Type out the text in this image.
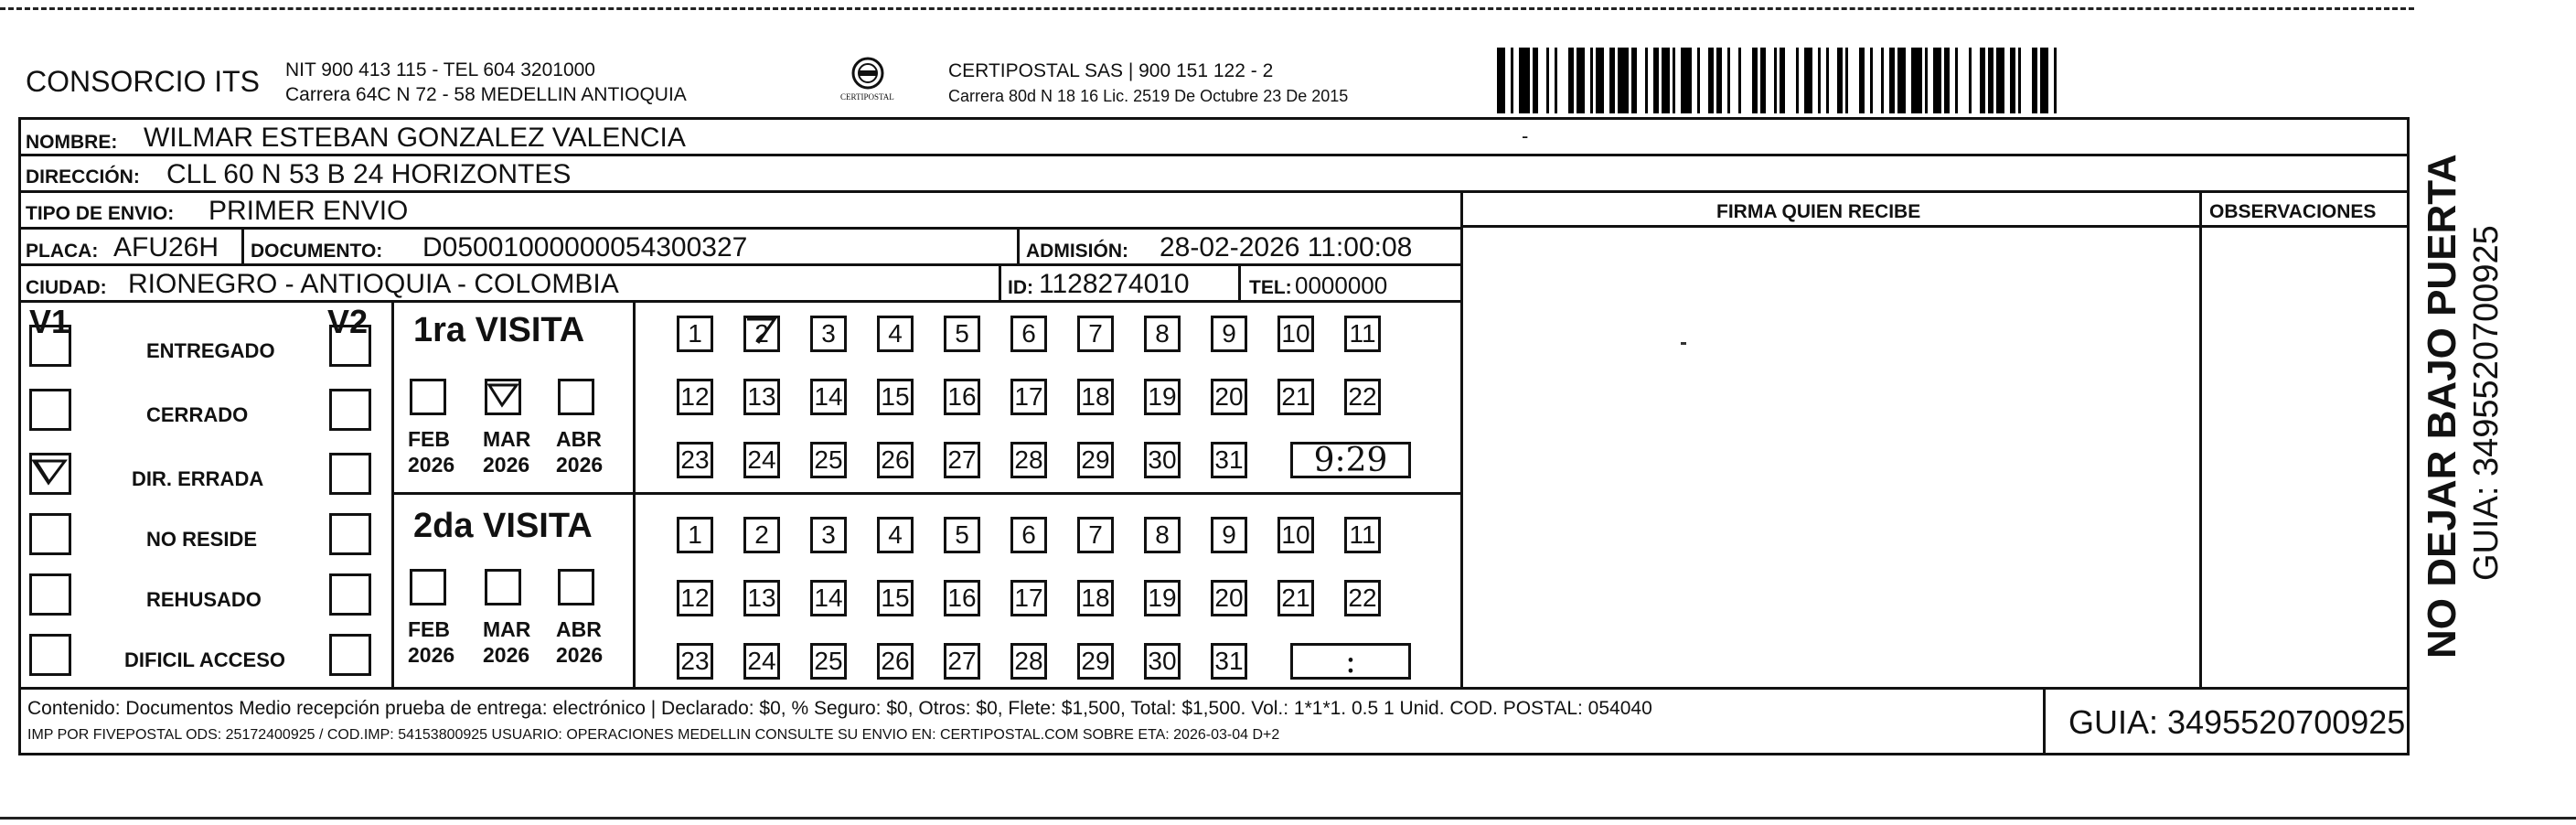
CONSORCIO ITS NIT 900 413 115 - TEL 604 3201000
Carrera 64C N 72 - 58 MEDELLIN ANTIOQUIA	CERTIPOSTAL
CERTIPOSTAL SAS | 900 151 122 - 2
Carrera 80d N 18 16 Lic. 2519 De Octubre 23 De 2015
NOMBRE: WILMAR ESTEBAN GONZALEZ VALENCIA	-
DIRECCIÓN: CLL 60 N 53 B 24 HORIZONTES
TIPO DE ENVIO: PRIMER ENVIO	FIRMA QUIEN RECIBE	OBSERVACIONES
PLACA: AFU26H DOCUMENTO: D05001000000054300327	ADMISIÓN: 28-02-2026 11:00:08
CIUDAD: RIONEGRO - ANTIOQUIA - COLOMBIA	ID: 1128274010	TEL: 0000000
V1	V2
ENTREGADO
CERRADO
DIR. ERRADA
NO RESIDE
REHUSADO
DIFICIL ACCESO
1ra VISITA
FEB
2026
MAR
2026
ABR
2026
1	2	3	4	5	6	7	8	9	10 11
12 13 14 15 16 17 18 19 20 21 22
23 24 25 26 27 28 29 30 31	9:29
2da VISITA
FEB
2026
MAR
2026
ABR
2026
1	2	3	4	5	6	7	8	9	10 11
12 13 14 15 16 17 18 19 20 21 22
23 24 25 26 27 28 29 30 31	:
Contenido: Documentos Medio recepción prueba de entrega: electrónico | Declarado: $0, % Seguro: $0, Otros: $0, Flete: $1,500, Total: $1,500. Vol.: 1*1*1. 0.5 1 Unid. COD. POSTAL: 054040
IMP POR FIVEPOSTAL ODS: 25172400925 / COD.IMP: 54153800925 USUARIO: OPERACIONES MEDELLIN CONSULTE SU ENVIO EN: CERTIPOSTAL.COM SOBRE ETA: 2026-03-04 D+2	GUIA: 3495520700925
NO DEJAR BAJO PUERTA GUIA: 3495520700925
